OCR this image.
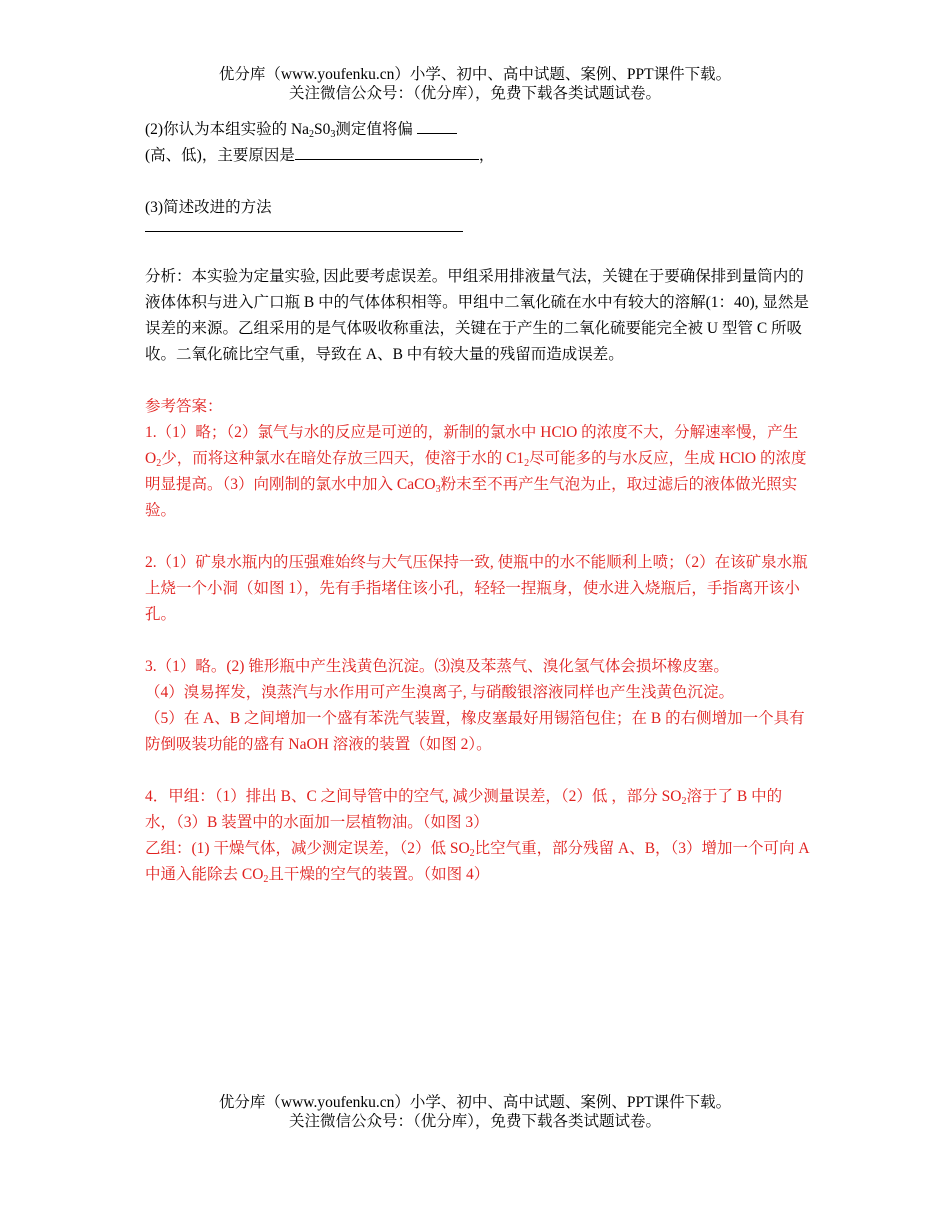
优分库（www.youfenku.cn）小学、初中、高中试题、案例、PPT课件下载。
关注微信公众号：（优分库），免费下载各类试题试卷。

(2)你认为本组实验的 $Na_2S0_3$测定值将偏

(高、低)，主要原因是	，

(3)简述改进的方法

分析：本实验为定量实验, 因此要考虑误差。甲组采用排液量气法，关键在于要确保排到量筒内的液体体积与进入广口瓶 B 中的气体体积相等。甲组中二氧化硫在水中有较大的溶解(1：40), 显然是误差的来源。乙组采用的是气体吸收称重法，关键在于产生的二氧化硫要能完全被 U 型管 C 所吸收。二氧化硫比空气重，导致在 A、B 中有较大量的残留而造成误差。

参考答案：

1.（1）略；（2）氯气与水的反应是可逆的，新制的氯水中 HClO 的浓度不大，分解速率慢，产生 $O_2$少，而将这种氯水在暗处存放三四天，使溶于水的 $C1_2$尽可能多的与水反应，生成 HClO 的浓度明显提高。（3）向刚制的氯水中加入 CaCO$_3$粉末至不再产生气泡为止，取过滤后的液体做光照实验。

2.（1）矿泉水瓶内的压强难始终与大气压保持一致, 使瓶中的水不能顺利上喷；（2）在该矿泉水瓶上烧一个小洞（如图 1），先有手指堵住该小孔，轻轻一捏瓶身，使水进入烧瓶后，手指离开该小孔。

3.（1）略。(2) 锥形瓶中产生浅黄色沉淀。⑶溴及苯蒸气、溴化氢气体会损坏橡皮塞。

（4）溴易挥发，溴蒸汽与水作用可产生溴离子, 与硝酸银溶液同样也产生浅黄色沉淀。

（5）在 A、B 之间增加一个盛有苯洗气装置，橡皮塞最好用锡箔包住；在 B 的右侧增加一个具有防倒吸装功能的盛有 NaOH 溶液的装置（如图 2）。

4．甲组：（1）排出 B、C 之间导管中的空气, 减少测量误差，（2）低 ，部分 $SO_2$溶于了 B 中的水，（3）B 装置中的水面加一层植物油。（如图 3）

乙组：(1) 干燥气体，减少测定误差，（2）低 $SO_2$比空气重，部分残留 A、B，（3）增加一个可向 A 中通入能除去 $CO_2$且干燥的空气的装置。（如图 4）

优分库（www.youfenku.cn）小学、初中、高中试题、案例、PPT课件下载。
关注微信公众号：（优分库），免费下载各类试题试卷。
